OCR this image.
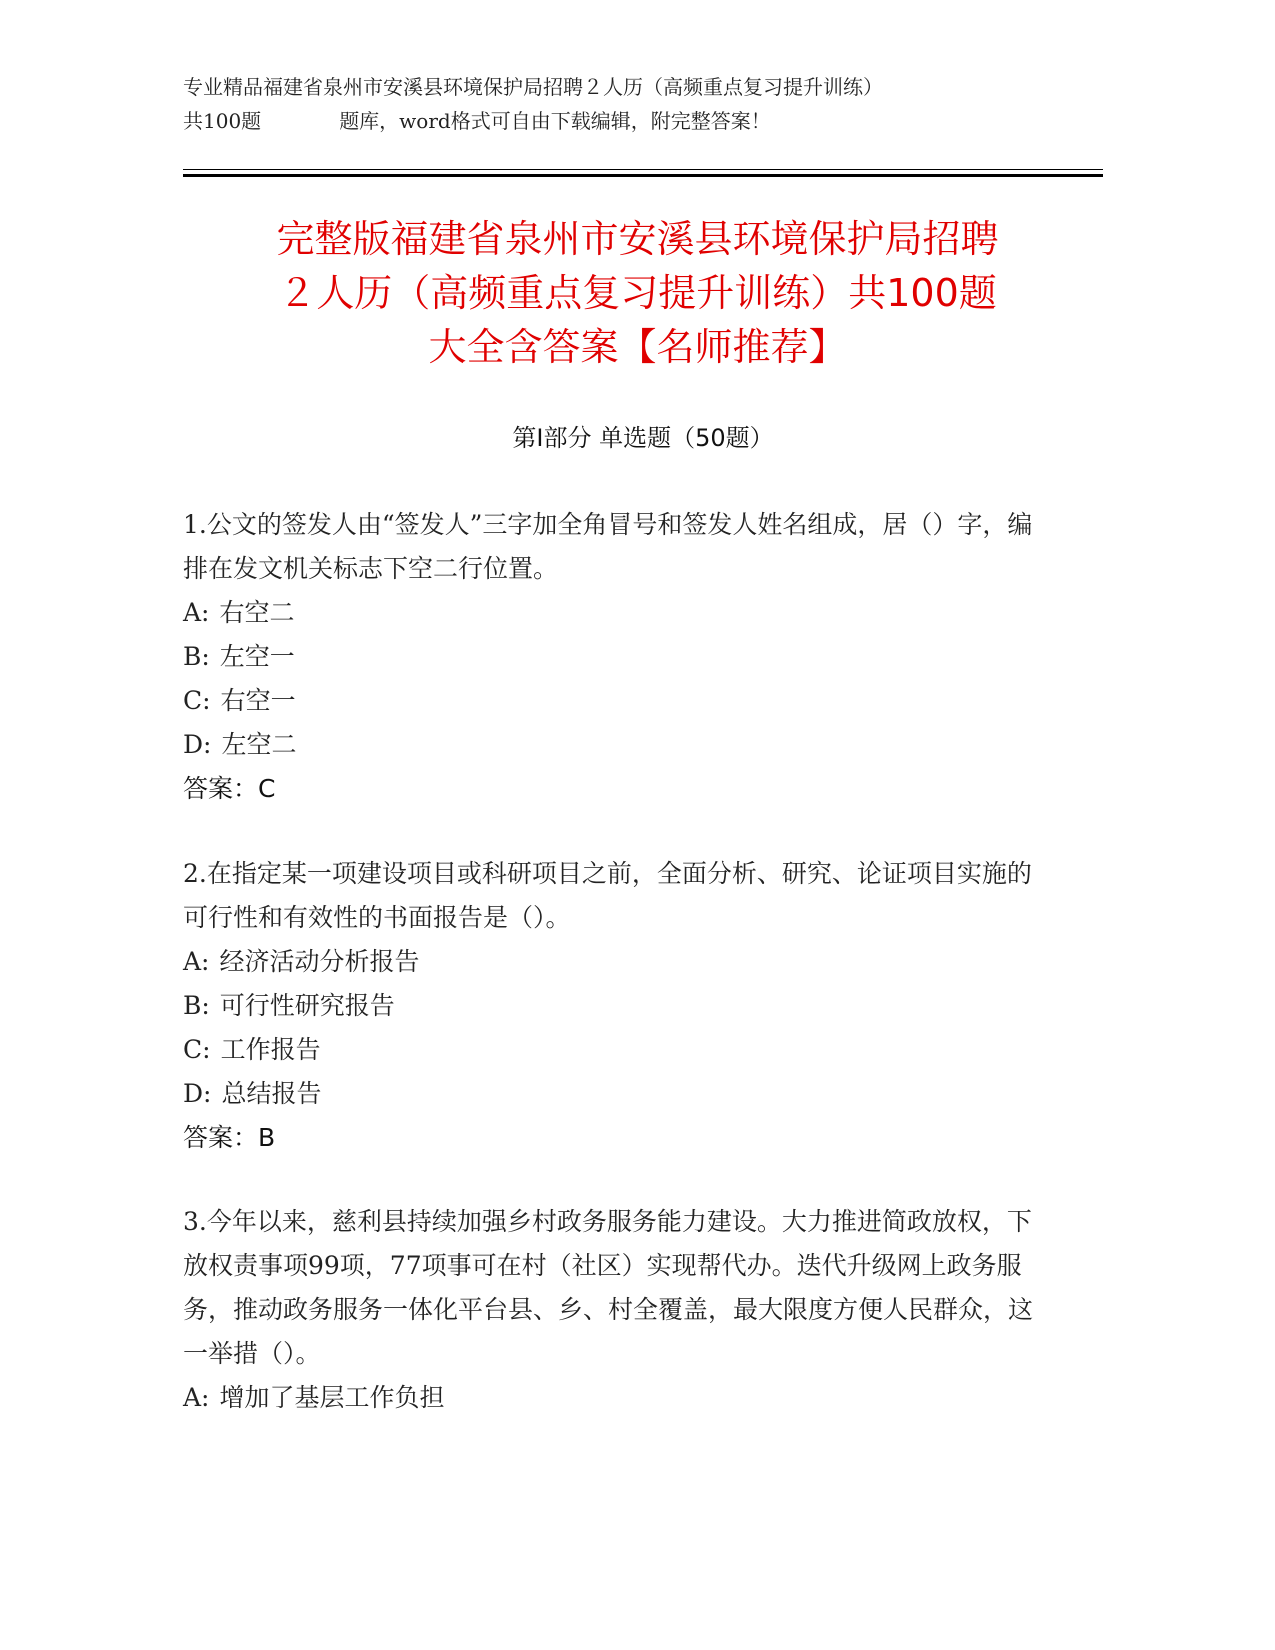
专业精品福建省泉州市安溪县环境保护局招聘２人历（高频重点复习提升训练）
共100题	题库，word格式可自由下载编辑，附完整答案！
完整版福建省泉州市安溪县环境保护局招聘
２人历（高频重点复习提升训练）共100题
大全含答案【名师推荐】
第Ⅰ部分 单选题（50题）

1.公文的签发人由“签发人”三字加全角冒号和签发人姓名组成，居（）字，编排在发文机关标志下空二行位置。

A: 右空二

B: 左空一

C: 右空一

D: 左空二

答案：C

2.在指定某一项建设项目或科研项目之前，全面分析、研究、论证项目实施的可行性和有效性的书面报告是（）。

A: 经济活动分析报告

B: 可行性研究报告

C: 工作报告

D: 总结报告

答案：B

3.今年以来，慈利县持续加强乡村政务服务能力建设。大力推进简政放权，下放权责事项99项，77项事可在村（社区）实现帮代办。迭代升级网上政务服务，推动政务服务一体化平台县、乡、村全覆盖，最大限度方便人民群众，这一举措（）。

A: 增加了基层工作负担
